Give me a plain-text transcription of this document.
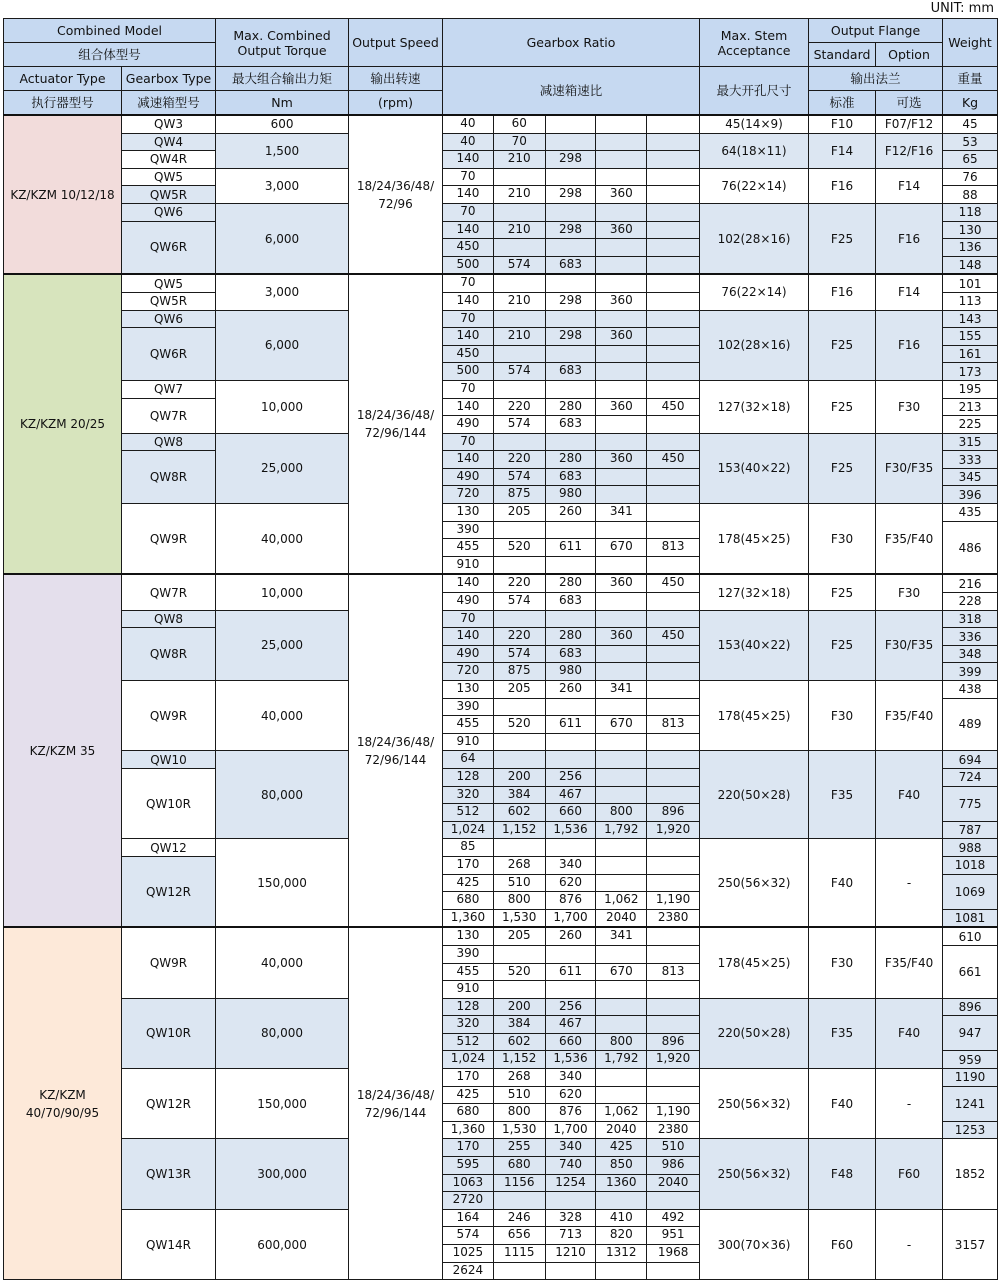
UNIT: mm
Combined Model		Max. Combined Output Torque	Output Speed	Gearbox Ratio	Max. Stem Acceptance	Output Flange		Weight
组合体型号						Standard	Option	
Actuator Type	Gearbox Type	最大组合输出力矩	输出转速	减速箱速比	最大开孔尺寸	输出法兰		重量
执行器型号	减速箱型号	Nm	(rpm)			标准	可选	Kg
KZ/KZM 10/12/18	QW3	600	18/24/36/48/ 72/96	40 60	45(14×9)	F10	F07/F12	45
	QW4	1,500		40 70	64(18×11)	F14	F12/F16	53
	QW4R			140 210 298				65
	QW5	3,000		70	76(22×14)	F16	F14	76
	QW5R			140 210 298 360				88
	QW6	6,000		70	102(28×16)	F25	F16	118
	QW6R			140 210 298 360				130

				450				136

				500 574 683				148
KZ/KZM 20/25	QW5	3,000	18/24/36/48/ 72/96/144	70	76(22×14)	F16	F14	101
	QW5R			140 210 298 360				113
	QW6	6,000		70	102(28×16)	F25	F16	143
	QW6R			140 210 298 360				155

				450				161

				500 574 683				173
	QW7	10,000		70	127(32×18)	F25	F30	195
	QW7R			140 220 280 360 450				213

				490 574 683				225
	QW8	25,000		70	153(40×22)	F25	F30/F35	315
	QW8R			140 220 280 360 450				333

				490 574 683				345

				720 875 980				396
	QW9R	40,000		130 205 260 341	178(45×25)	F30	F35/F40	435

				390				486

				455 520 611 670 813				

				910				

KZ/KZM 35	QW7R	10,000	18/24/36/48/ 72/96/144	140 220 280 360 450	127(32×18)	F25	F30	216

				490 574 683				228
	QW8	25,000		70	153(40×22)	F25	F30/F35	318
	QW8R			140 220 280 360 450				336

				490 574 683				348

				720 875 980				399
	QW9R	40,000		130 205 260 341	178(45×25)	F30	F35/F40	438

				390				489

				455 520 611 670 813				

				910				

	QW10	80,000		64	220(50×28)	F35	F40	694
	QW10R			128 200 256				724

				320 384 467				775

				512 602 660 800 896				

				1,024 1,152 1,536 1,792 1,920				787
	QW12	150,000		85	250(56×32)	F40	-	988
	QW12R			170 268 340				1018

				425 510 620				1069

				680 800 876 1,062 1,190				

				1,360 1,530 1,700 2040 2380				1081
KZ/KZM 40/70/90/95	QW9R	40,000	18/24/36/48/ 72/96/144	130 205 260 341	178(45×25)	F30	F35/F40	610

				390				661

				455 520 611 670 813				

				910				

	QW10R	80,000		128 200 256	220(50×28)	F35	F40	896

				320 384 467				947

				512 602 660 800 896				

				1,024 1,152 1,536 1,792 1,920				959
	QW12R	150,000		170 268 340	250(56×32)	F40	-	1190

				425 510 620				1241

				680 800 876 1,062 1,190				

				1,360 1,530 1,700 2040 2380				1253
	QW13R	300,000		170 255 340 425 510	250(56×32)	F48	F60	1852

				595 680 740 850 986				

				1063 1156 1254 1360 2040				

				2720				

	QW14R	600,000		164 246 328 410 492	300(70×36)	F60	-	3157

				574 656 713 820 951				

				1025 1115 1210 1312 1968				

				2624				
